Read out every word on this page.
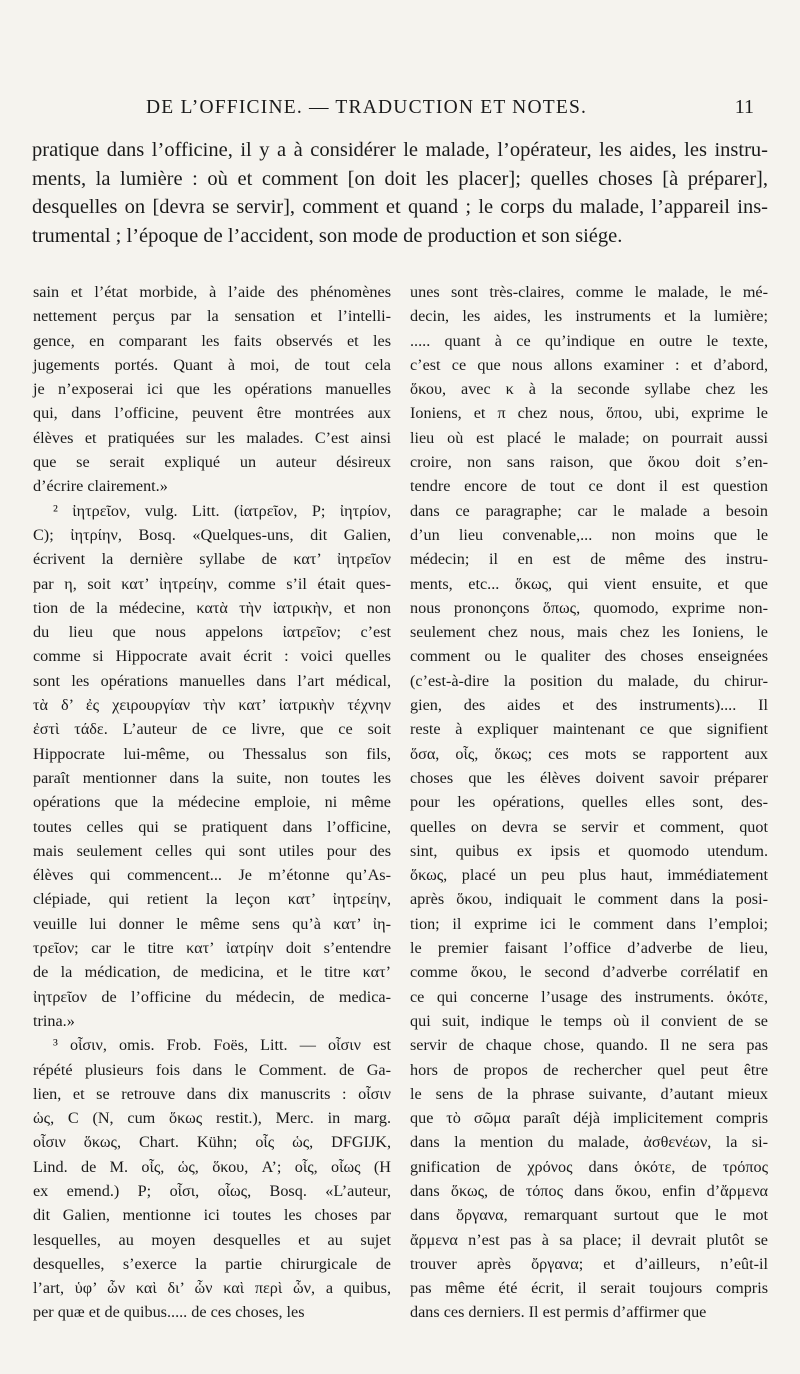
DE L’OFFICINE. — TRADUCTION ET NOTES.	11
pratique dans l’officine, il y a à considérer le malade, l’opérateur, les aides, les instru-
ments, la lumière : où et comment [on doit les placer]; quelles choses [à préparer],
desquelles on [devra se servir], comment et quand ; le corps du malade, l’appareil ins-
trumental ; l’époque de l’accident, son mode de production et son siége.
sain et l’état morbide, à l’aide des phénomènes
nettement perçus par la sensation et l’intelli-
gence, en comparant les faits observés et les
jugements portés. Quant à moi, de tout cela
je n’exposerai ici que les opérations manuelles
qui, dans l’officine, peuvent être montrées aux
élèves et pratiquées sur les malades. C’est ainsi
que se serait expliqué un auteur désireux
d’écrire clairement.»
² ἰητρεῖον, vulg. Litt. (ἰατρεῖον, P; ἰητρίον,
C); ἰητρίην, Bosq. «Quelques-uns, dit Galien,
écrivent la dernière syllabe de κατ’ ἰητρεῖον
par η, soit κατ’ ἰητρείην, comme s’il était ques-
tion de la médecine, κατὰ τὴν ἰατρικὴν, et non
du lieu que nous appelons ἰατρεῖον; c’est
comme si Hippocrate avait écrit : voici quelles
sont les opérations manuelles dans l’art médical,
τὰ δ’ ἐς χειρουργίαν τὴν κατ’ ἰατρικὴν τέχνην
ἐστὶ τάδε. L’auteur de ce livre, que ce soit
Hippocrate lui-même, ou Thessalus son fils,
paraît mentionner dans la suite, non toutes les
opérations que la médecine emploie, ni même
toutes celles qui se pratiquent dans l’officine,
mais seulement celles qui sont utiles pour des
élèves qui commencent... Je m’étonne qu’As-
clépiade, qui retient la leçon κατ’ ἰητρείην,
veuille lui donner le même sens qu’à κατ’ ἰη-
τρεῖον; car le titre κατ’ ἰατρίην doit s’entendre
de la médication, de medicina, et le titre κατ’
ἰητρεῖον de l’officine du médecin, de medica-
trina.»
³ οἷσιν, omis. Frob. Foës, Litt. — οἷσιν est
répété plusieurs fois dans le Comment. de Ga-
lien, et se retrouve dans dix manuscrits : οἷσιν
ὡς, C (N, cum ὅκως restit.), Merc. in marg.
οἷσιν ὅκως, Chart. Kühn; οἷς ὡς, DFGIJK,
Lind. de M. οἷς, ὡς, ὅκου, A’; οἷς, οἷως (H
ex emend.) P; οἷσι, οἷως, Bosq. «L’auteur,
dit Galien, mentionne ici toutes les choses par
lesquelles, au moyen desquelles et au sujet
desquelles, s’exerce la partie chirurgicale de
l’art, ὑφ’ ὧν καὶ δι’ ὧν καὶ περὶ ὧν, a quibus,
per quæ et de quibus..... de ces choses, les
unes sont très-claires, comme le malade, le mé-
decin, les aides, les instruments et la lumière;
..... quant à ce qu’indique en outre le texte,
c’est ce que nous allons examiner : et d’abord,
ὅκου, avec κ à la seconde syllabe chez les
Ioniens, et π chez nous, ὅπου, ubi, exprime le
lieu où est placé le malade; on pourrait aussi
croire, non sans raison, que ὅκου doit s’en-
tendre encore de tout ce dont il est question
dans ce paragraphe; car le malade a besoin
d’un lieu convenable,... non moins que le
médecin; il en est de même des instru-
ments, etc... ὅκως, qui vient ensuite, et que
nous prononçons ὅπως, quomodo, exprime non-
seulement chez nous, mais chez les Ioniens, le
comment ou le qualiter des choses enseignées
(c’est-à-dire la position du malade, du chirur-
gien, des aides et des instruments).... Il
reste à expliquer maintenant ce que signifient
ὅσα, οἷς, ὅκως; ces mots se rapportent aux
choses que les élèves doivent savoir préparer
pour les opérations, quelles elles sont, des-
quelles on devra se servir et comment, quot
sint, quibus ex ipsis et quomodo utendum.
ὅκως, placé un peu plus haut, immédiatement
après ὅκου, indiquait le comment dans la posi-
tion; il exprime ici le comment dans l’emploi;
le premier faisant l’office d’adverbe de lieu,
comme ὅκου, le second d’adverbe corrélatif en
ce qui concerne l’usage des instruments. ὁκότε,
qui suit, indique le temps où il convient de se
servir de chaque chose, quando. Il ne sera pas
hors de propos de rechercher quel peut être
le sens de la phrase suivante, d’autant mieux
que τὸ σῶμα paraît déjà implicitement compris
dans la mention du malade, ἀσθενέων, la si-
gnification de χρόνος dans ὁκότε, de τρόπος
dans ὅκως, de τόπος dans ὅκου, enfin d’ἄρμενα
dans ὄργανα, remarquant surtout que le mot
ἄρμενα n’est pas à sa place; il devrait plutôt se
trouver après ὄργανα; et d’ailleurs, n’eût-il
pas même été écrit, il serait toujours compris
dans ces derniers. Il est permis d’affirmer que
